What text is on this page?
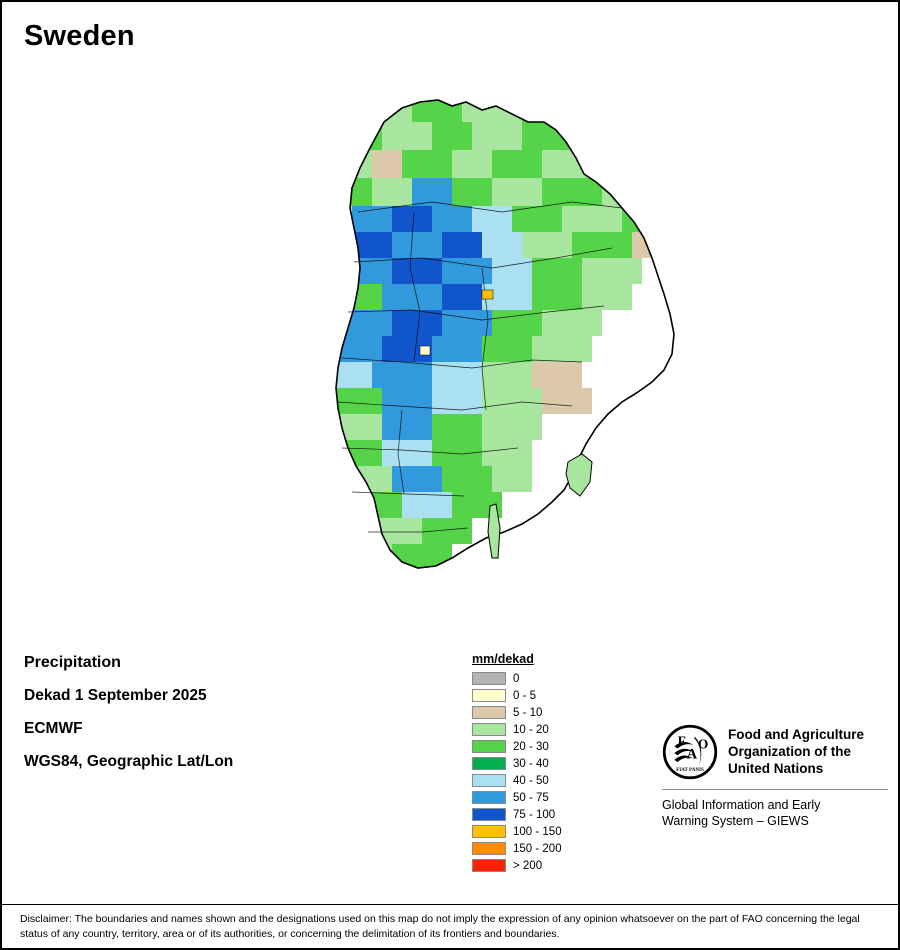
Sweden
Precipitation
Dekad 1 September 2025
ECMWF
WGS84, Geographic Lat/Lon
mm/dekad
0
0 - 5
5 - 10
10 - 20
20 - 30
30 - 40
40 - 50
50 - 75
75 - 100
100 - 150
150 - 200
> 200
F
A
O
FIAT PANIS
Food and Agriculture Organization of the United Nations
Global Information and Early
Warning System – GIEWS
Disclaimer: The boundaries and names shown and the designations used on this map do not imply the expression of any opinion whatsoever on the part of FAO concerning the legal status of any country, territory, area or of its authorities, or concerning the delimitation of its frontiers and boundaries.
